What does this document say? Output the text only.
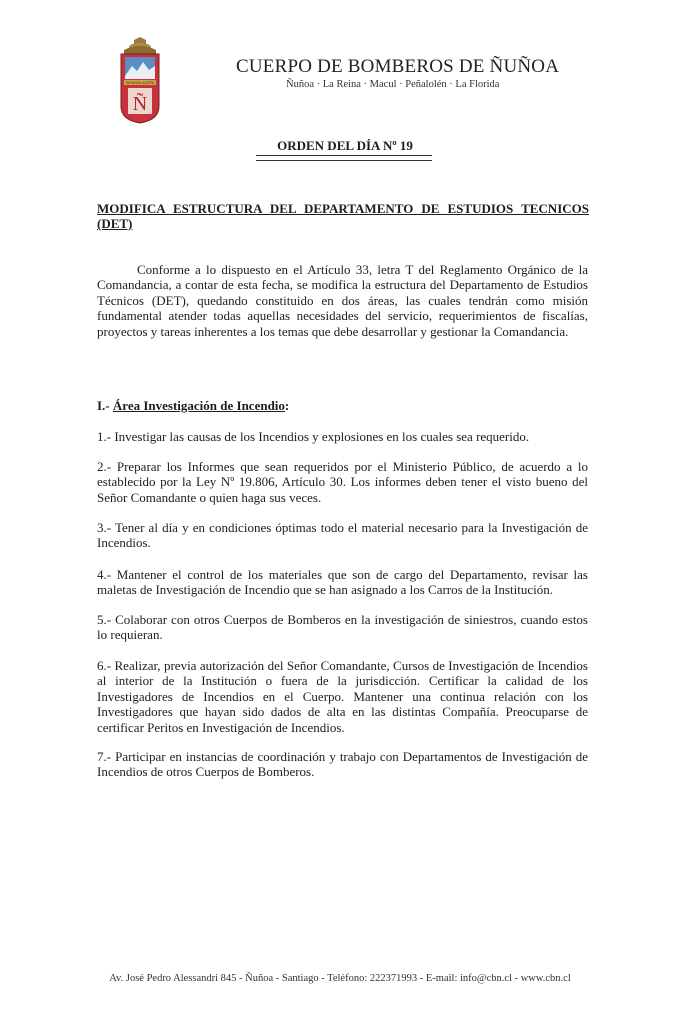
ESTAMOS ALERTA
Ñ
CUERPO DE BOMBEROS DE ÑUÑOA
Ñuñoa · La Reina · Macul · Peñalolén · La Florida
ORDEN DEL DÍA Nº 19
MODIFICA ESTRUCTURA DEL DEPARTAMENTO DE ESTUDIOS TECNICOS (DET)
Conforme a lo dispuesto en el Artículo 33, letra T del Reglamento Orgánico de la Comandancia, a contar de esta fecha, se modifica la estructura del Departamento de Estudios Técnicos (DET), quedando constituido en dos áreas, las cuales tendrán como misión fundamental atender todas aquellas necesidades del servicio, requerimientos de fiscalías, proyectos y tareas inherentes a los temas que debe desarrollar y gestionar la Comandancia.
I.- Área Investigación de Incendio:
1.- Investigar las causas de los Incendios y explosiones en los cuales sea requerido.
2.- Preparar los Informes que sean requeridos por el Ministerio Público, de acuerdo a lo establecido por la Ley Nº 19.806, Artículo 30. Los informes deben tener el visto bueno del Señor Comandante o quien haga sus veces.
3.- Tener al día y en condiciones óptimas todo el material necesario para la Investigación de Incendios.
4.- Mantener el control de los materiales que son de cargo del Departamento, revisar las maletas de Investigación de Incendio que se han asignado a los Carros de la Institución.
5.- Colaborar con otros Cuerpos de Bomberos en la investigación de siniestros, cuando estos lo requieran.
6.- Realizar, previa autorización del Señor Comandante, Cursos de Investigación de Incendios al interior de la Institución o fuera de la jurisdicción. Certificar la calidad de los Investigadores de Incendios en el Cuerpo. Mantener una continua relación con los Investigadores que hayan sido dados de alta en las distintas Compañía. Preocuparse de certificar Peritos en Investigación de Incendios.
7.- Participar en instancias de coordinación y trabajo con Departamentos de Investigación de Incendios de otros Cuerpos de Bomberos.
Av. José Pedro Alessandri 845 - Ñuñoa - Santiago - Teléfono: 222371993 - E-mail: info@cbn.cl - www.cbn.cl
